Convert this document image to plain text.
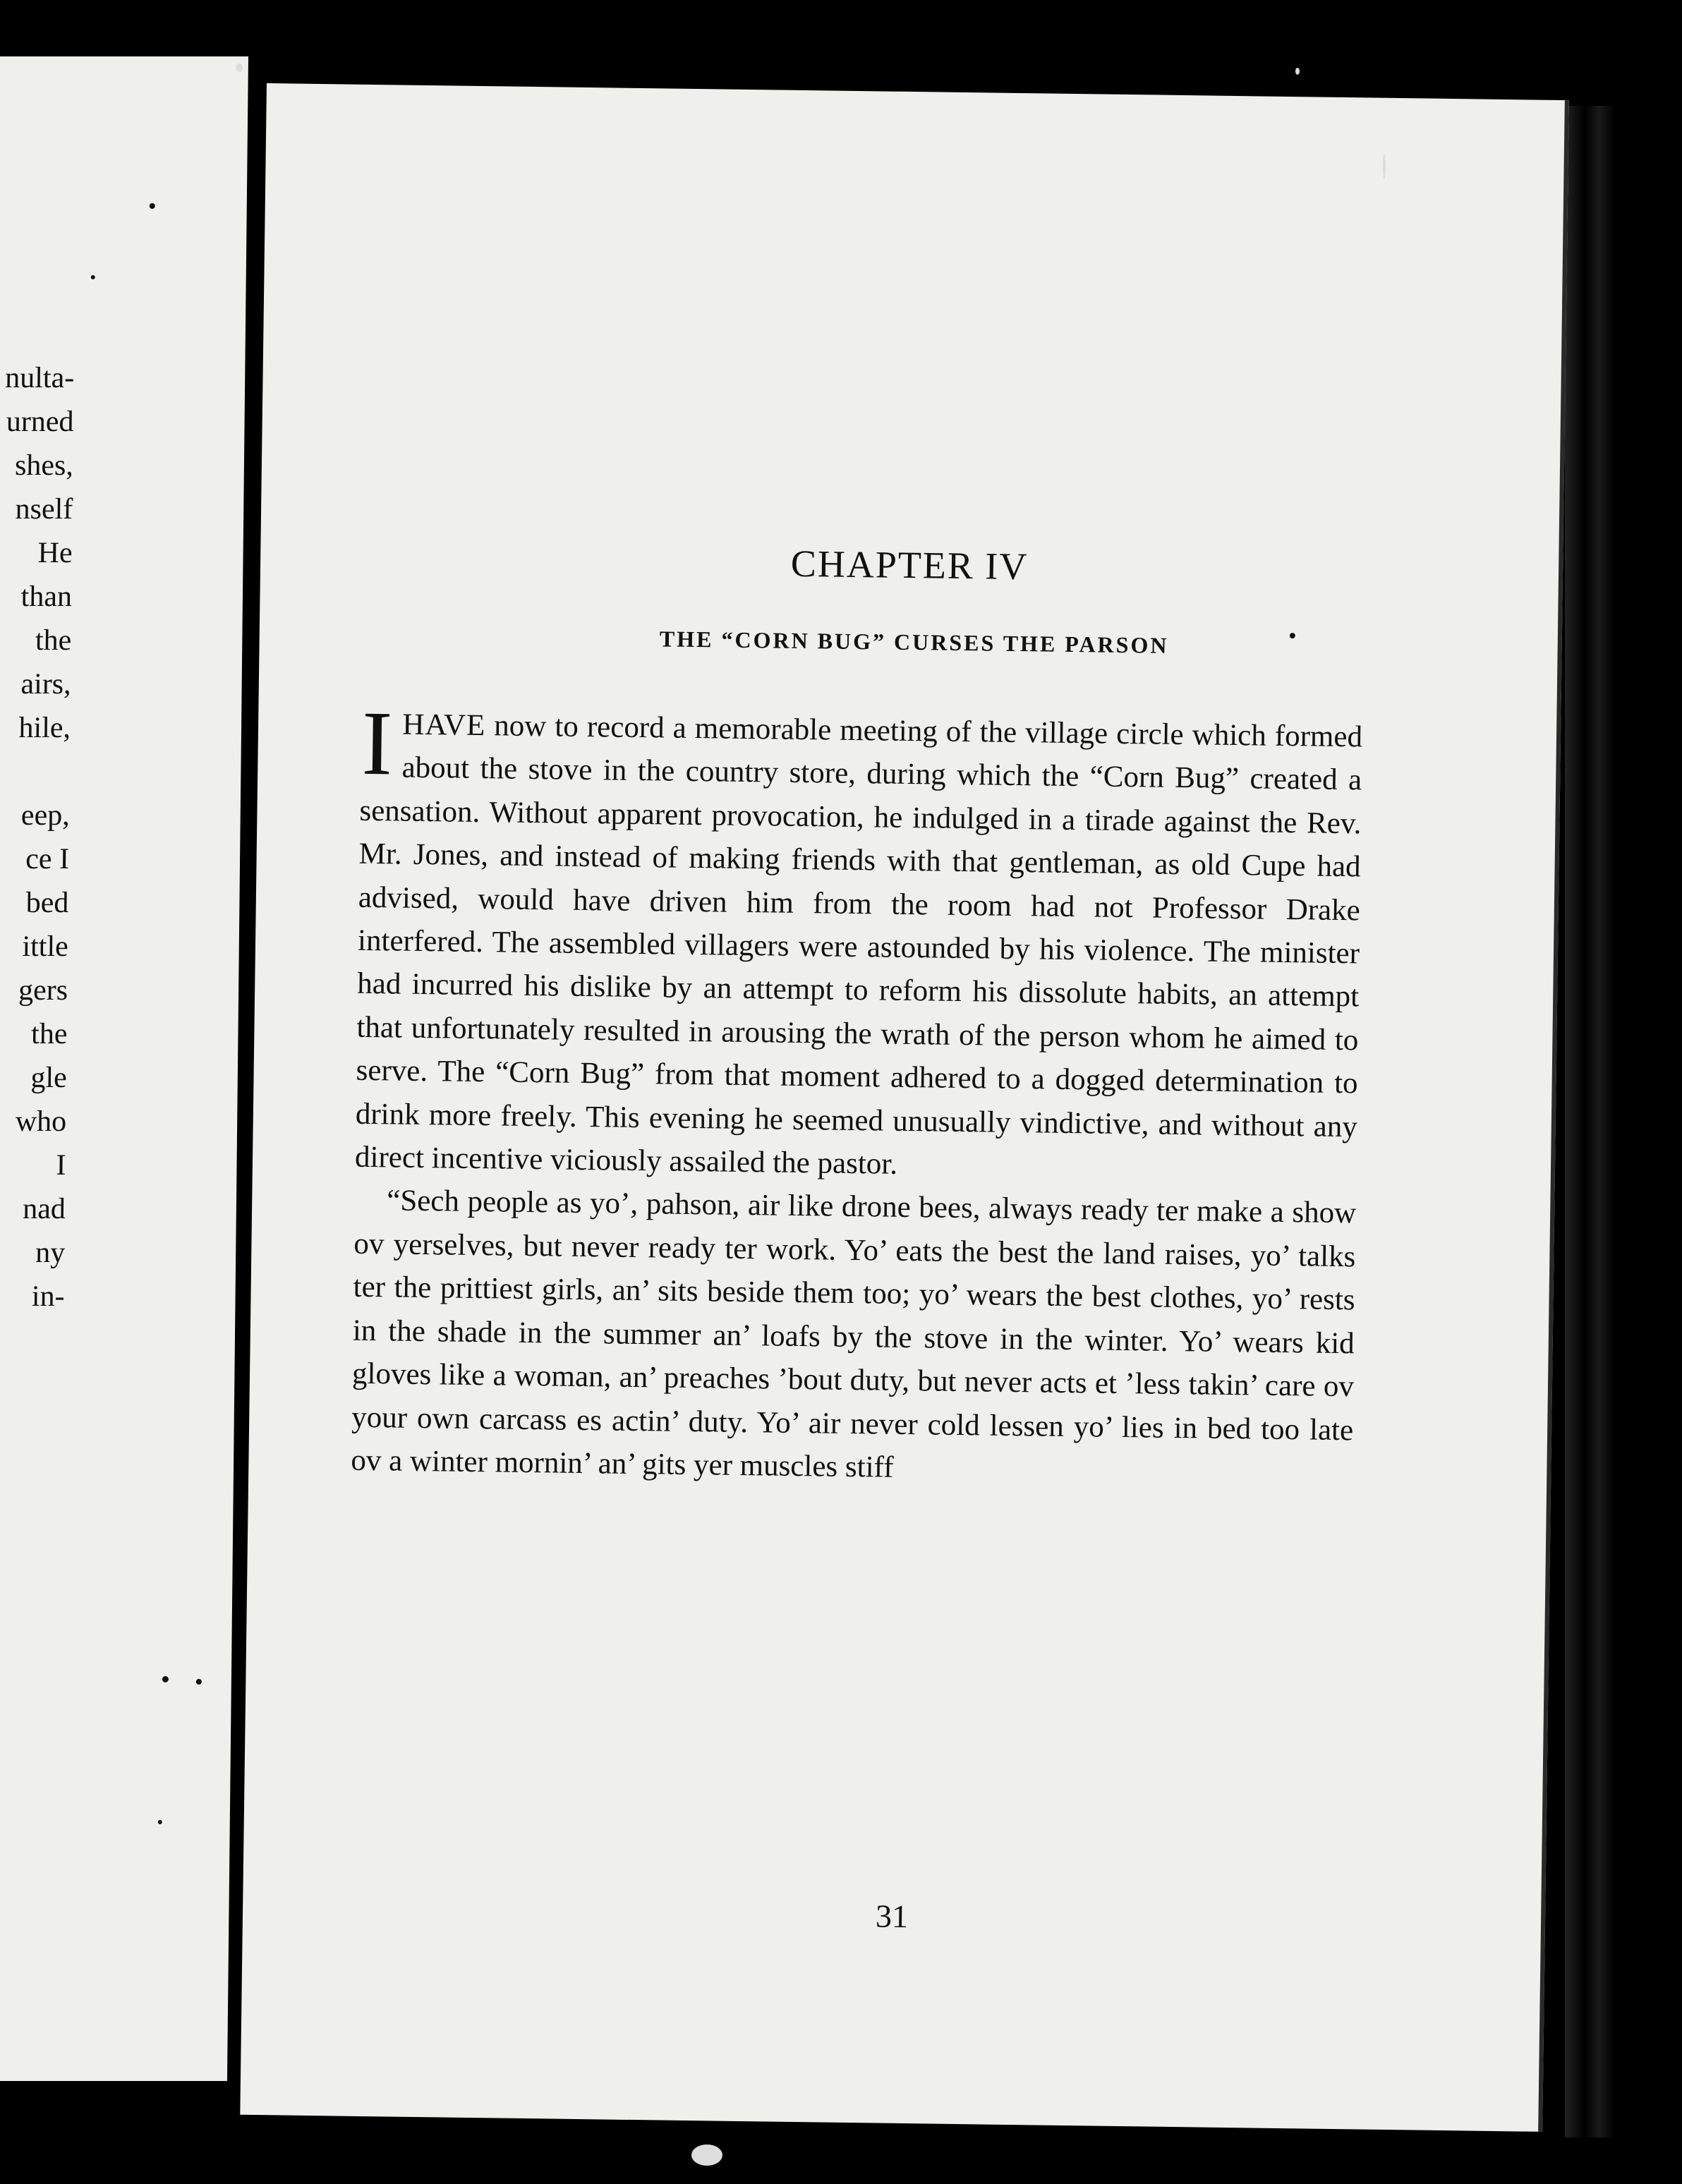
nulta-
urned
shes,
nself
He
than
the
airs,
hile,

eep,
ce I
bed
ittle
gers
the
gle
who
I
nad
ny
in-
CHAPTER IV
THE “CORN BUG” CURSES THE PARSON

IHAVE now to record a memorable meeting of the village circle which formed about the stove in the country store, during which the “Corn Bug” created a sensation. Without apparent provocation, he indulged in a tirade against the Rev. Mr. Jones, and instead of making friends with that gentleman, as old Cupe had advised, would have driven him from the room had not Professor Drake interfered. The assembled villagers were astounded by his violence. The minister had incurred his dislike by an attempt to reform his dissolute habits, an attempt that unfortunately resulted in arousing the wrath of the person whom he aimed to serve. The “Corn Bug” from that moment adhered to a dogged determination to drink more freely. This evening he seemed unusually vindictive, and without any direct incentive viciously assailed the pastor.

“Sech people as yo’, pahson, air like drone bees, always ready ter make a show ov yerselves, but never ready ter work. Yo’ eats the best the land raises, yo’ talks ter the prittiest girls, an’ sits beside them too; yo’ wears the best clothes, yo’ rests in the shade in the summer an’ loafs by the stove in the winter. Yo’ wears kid gloves like a woman, an’ preaches ’bout duty, but never acts et ’less takin’ care ov your own carcass es actin’ duty. Yo’ air never cold lessen yo’ lies in bed too late ov a winter mornin’ an’ gits yer muscles stiff

31
